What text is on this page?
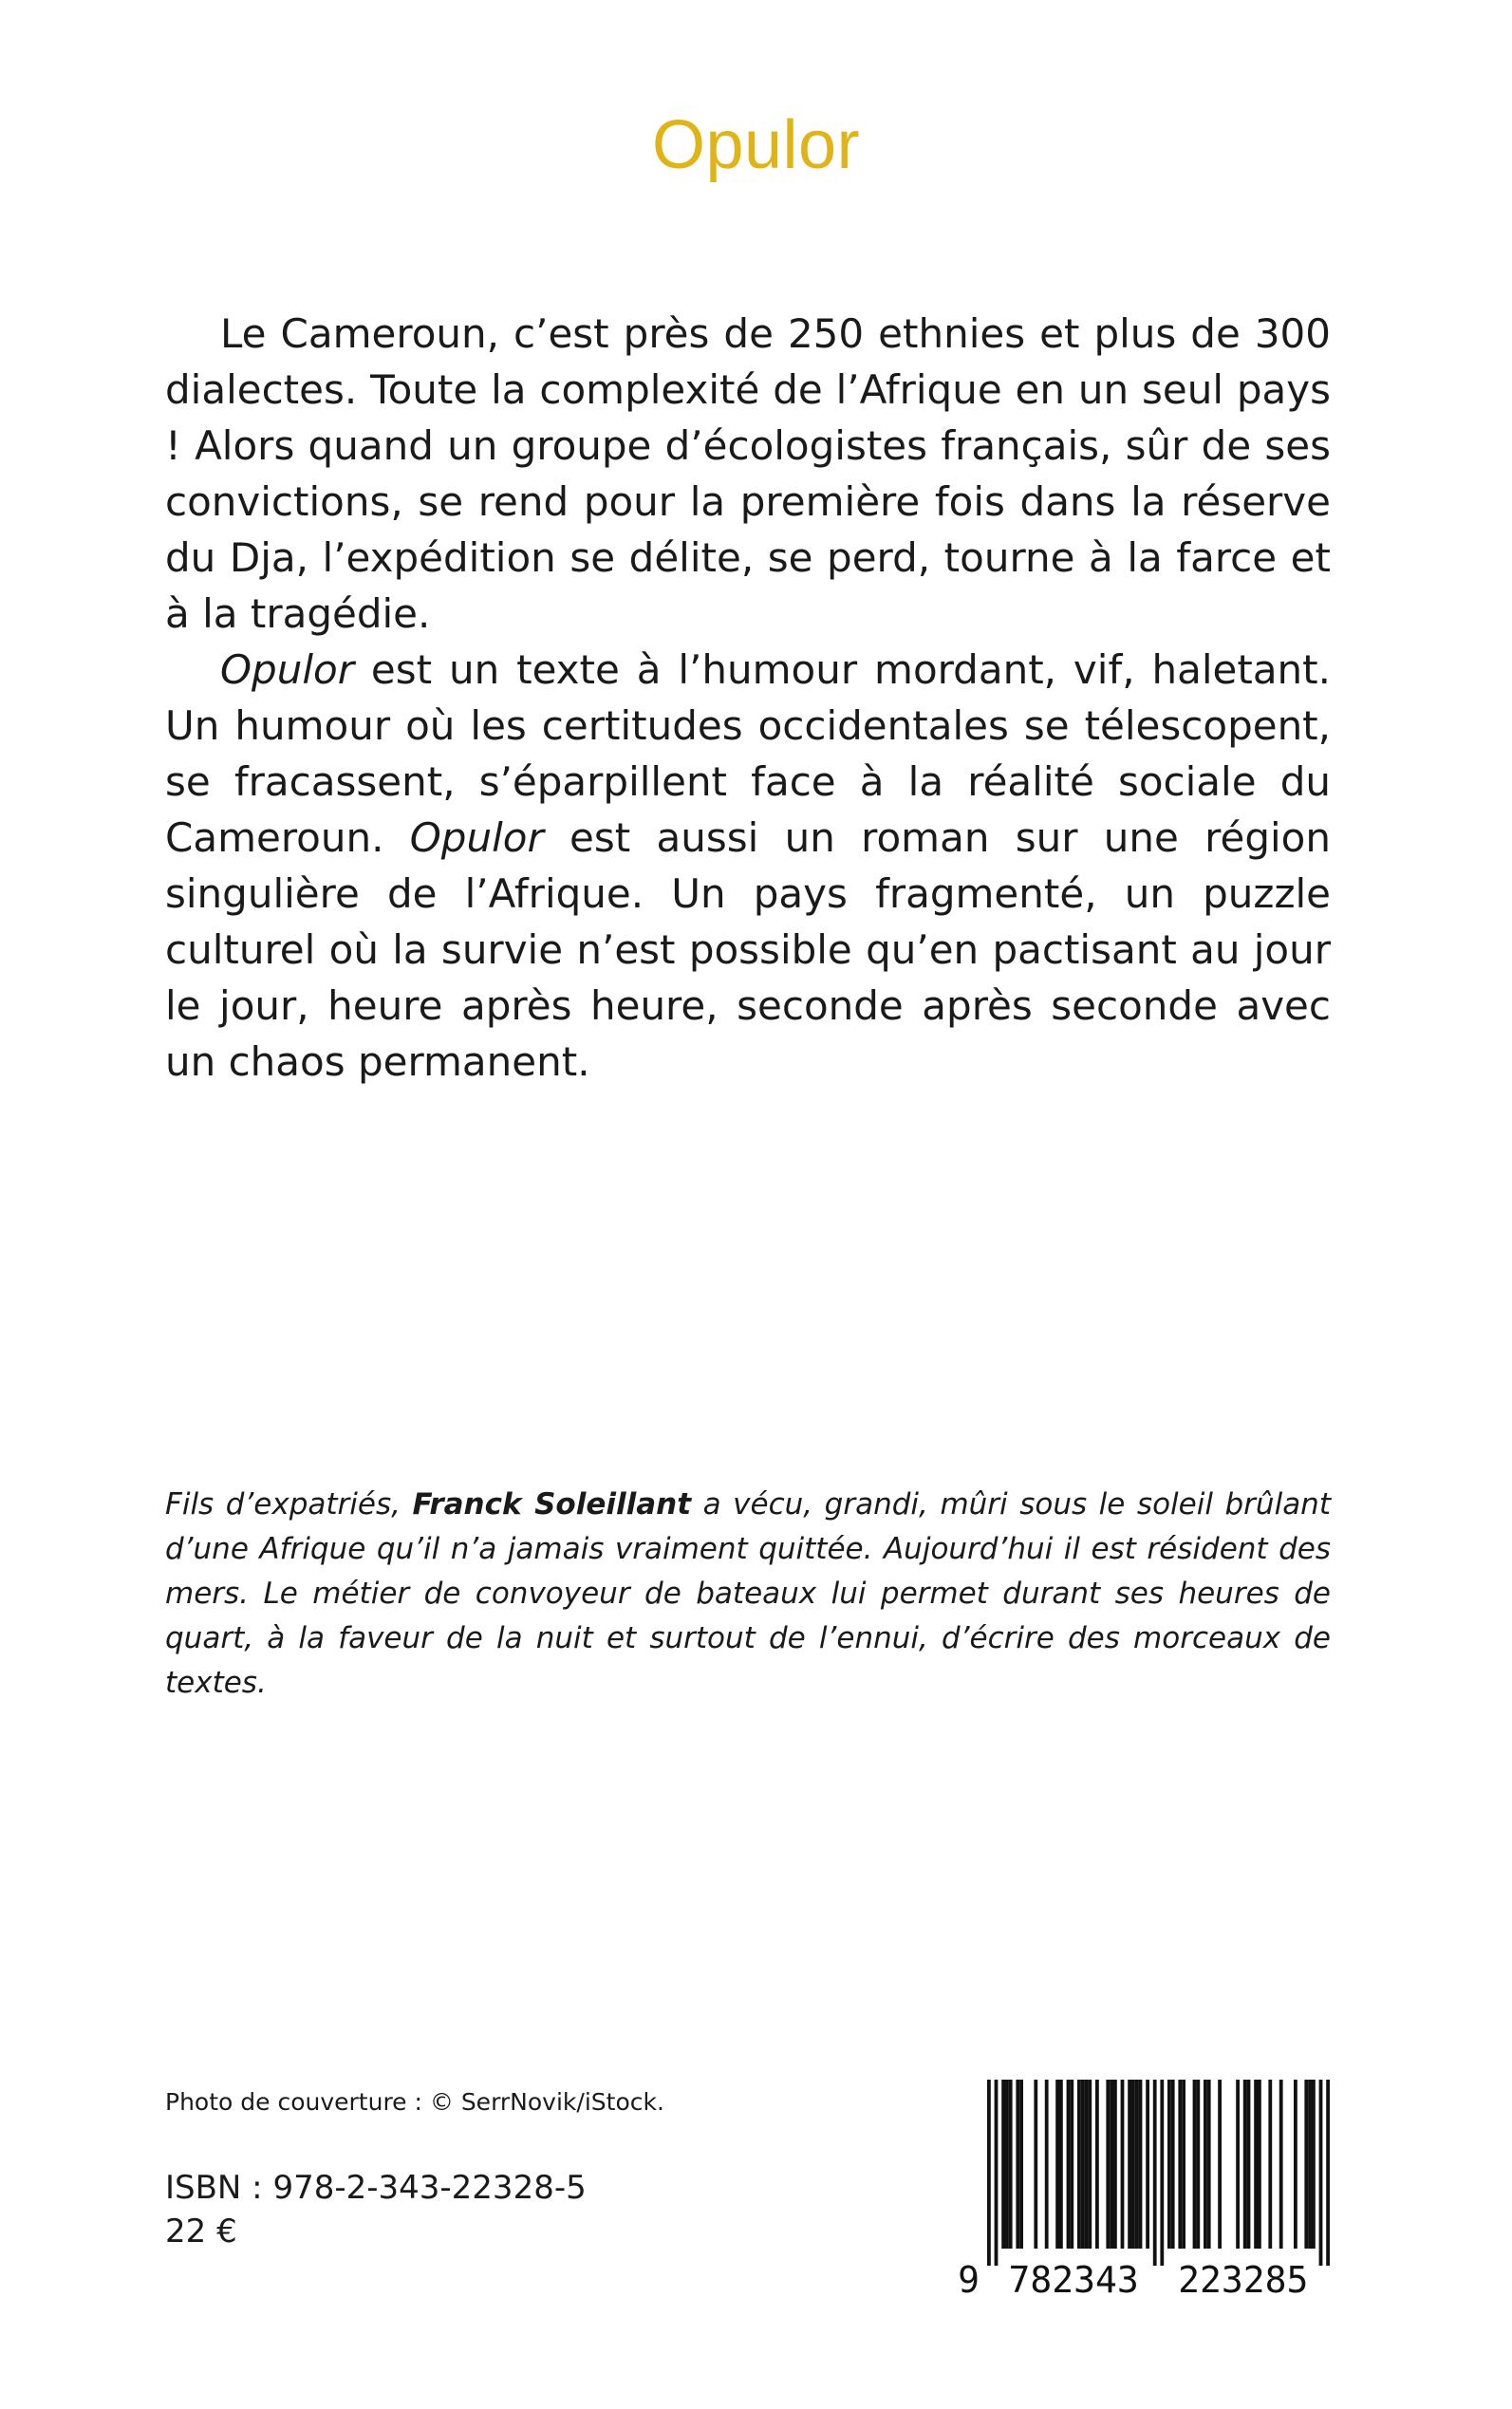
Opulor

Le Cameroun, c’est près de 250 ethnies et plus de 300 dialectes. Toute la complexité de l’Afrique en un seul pays ! Alors quand un groupe d’écologistes français, sûr de ses convictions, se rend pour la première fois dans la réserve du Dja, l’expédition se délite, se perd, tourne à la farce et à la tragédie.

Opulor est un texte à l’humour mordant, vif, haletant. Un humour où les certitudes occidentales se télescopent, se fracassent, s’éparpillent face à la réalité sociale du Cameroun. Opulor est aussi un roman sur une région singulière de l’Afrique. Un pays fragmenté, un puzzle culturel où la survie n’est possible qu’en pactisant au jour le jour, heure après heure, seconde après seconde avec un chaos permanent.

Fils d’expatriés, Franck Soleillant a vécu, grandi, mûri sous le soleil brûlant d’une Afrique qu’il n’a jamais vraiment quittée. Aujourd’hui il est résident des mers. Le métier de convoyeur de bateaux lui permet durant ses heures de quart, à la faveur de la nuit et surtout de l’ennui, d’écrire des morceaux de textes.
Photo de couverture : © SerrNovik/iStock.
ISBN : 978-2-343-22328-5
22 €
9 782343 223285
